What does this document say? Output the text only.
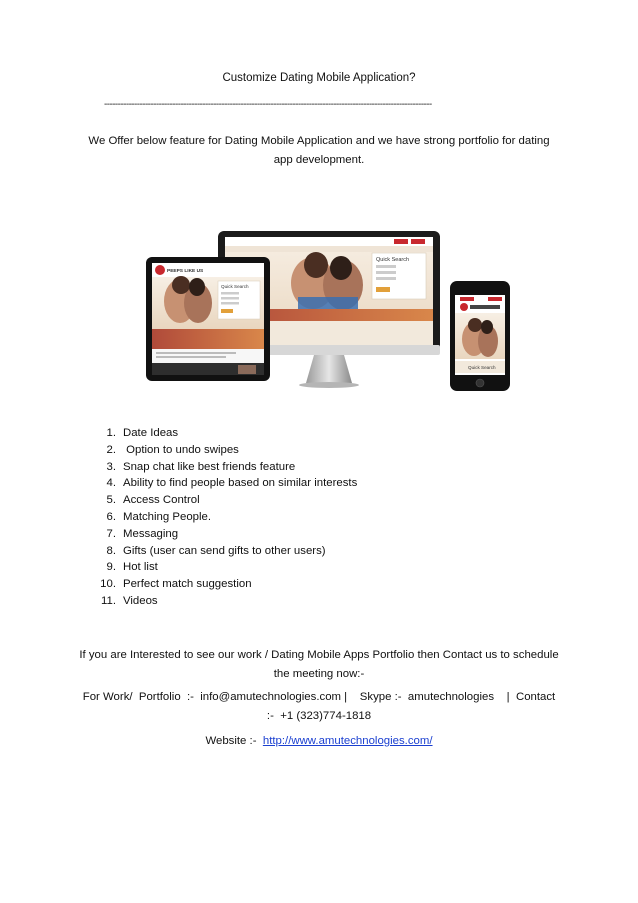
Customize Dating Mobile Application?
------------------------------------------------------------------------------------------------------------------------
We Offer below feature for Dating Mobile Application and we have strong portfolio for dating app development.
Quick Search
PEEPS LIKE US
Quick Search
Quick Search
1. Date Ideas
2. Option to undo swipes
3. Snap chat like best friends feature
4. Ability to find people based on similar interests
5. Access Control
6. Matching People.
7. Messaging
8. Gifts (user can send gifts to other users)
9. Hot list
10. Perfect match suggestion
11. Videos
If you are Interested to see our work / Dating Mobile Apps Portfolio then Contact us to schedule the meeting now:-
For Work/  Portfolio  :-  info@amutechnologies.com |    Skype :-  amutechnologies    |  Contact :-  +1 (323)774-1818
Website :-  http://www.amutechnologies.com/
